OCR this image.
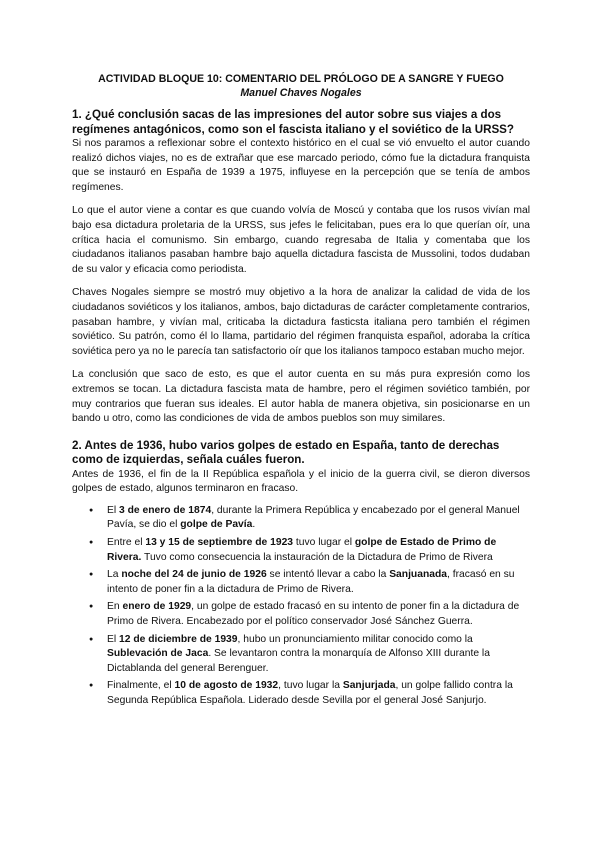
ACTIVIDAD BLOQUE 10: COMENTARIO DEL PRÓLOGO DE A SANGRE Y FUEGO

Manuel Chaves Nogales

1. ¿Qué conclusión sacas de las impresiones del autor sobre sus viajes a dos regímenes antagónicos, como son el fascista italiano y el soviético de la URSS?

Si nos paramos a reflexionar sobre el contexto histórico en el cual se vió envuelto el autor cuando realizó dichos viajes, no es de extrañar que ese marcado periodo, cómo fue la dictadura franquista que se instauró en España de 1939 a 1975, influyese en la percepción que se tenía de ambos regímenes.

Lo que el autor viene a contar es que cuando volvía de Moscú y contaba que los rusos vivían mal bajo esa dictadura proletaria de la URSS, sus jefes le felicitaban, pues era lo que querían oír, una crítica hacia el comunismo. Sin embargo, cuando regresaba de Italia y comentaba que los ciudadanos italianos pasaban hambre bajo aquella dictadura fascista de Mussolini, todos dudaban de su valor y eficacia como periodista.

Chaves Nogales siempre se mostró muy objetivo a la hora de analizar la calidad de vida de los ciudadanos soviéticos y los italianos, ambos, bajo dictaduras de carácter completamente contrarios, pasaban hambre, y vivían mal, criticaba la dictadura fasticsta italiana pero también el régimen soviético. Su patrón, como él lo llama, partidario del régimen franquista español, adoraba la crítica soviética pero ya no le parecía tan satisfactorio oír que los italianos tampoco estaban mucho mejor.

La conclusión que saco de esto, es que el autor cuenta en su más pura expresión como los extremos se tocan. La dictadura fascista mata de hambre, pero el régimen soviético también, por muy contrarios que fueran sus ideales. El autor habla de manera objetiva, sin posicionarse en un bando u otro, como las condiciones de vida de ambos pueblos son muy similares.

2. Antes de 1936, hubo varios golpes de estado en España, tanto de derechas como de izquierdas, señala cuáles fueron.

Antes de 1936, el fin de la II República española y el inicio de la guerra civil, se dieron diversos golpes de estado, algunos terminaron en fracaso.

● El 3 de enero de 1874, durante la Primera República y encabezado por el general Manuel Pavía, se dio el golpe de Pavía.
● Entre el 13 y 15 de septiembre de 1923 tuvo lugar el golpe de Estado de Primo de Rivera. Tuvo como consecuencia la instauración de la Dictadura de Primo de Rivera
● La noche del 24 de junio de 1926 se intentó llevar a cabo la Sanjuanada, fracasó en su intento de poner fin a la dictadura de Primo de Rivera.
● En enero de 1929, un golpe de estado fracasó en su intento de poner fin a la dictadura de Primo de Rivera. Encabezado por el político conservador José Sánchez Guerra.
● El 12 de diciembre de 1939, hubo un pronunciamiento militar conocido como la Sublevación de Jaca. Se levantaron contra la monarquía de Alfonso XIII durante la Dictablanda del general Berenguer.
● Finalmente, el 10 de agosto de 1932, tuvo lugar la Sanjurjada, un golpe fallido contra la Segunda República Española. Liderado desde Sevilla por el general José Sanjurjo.
